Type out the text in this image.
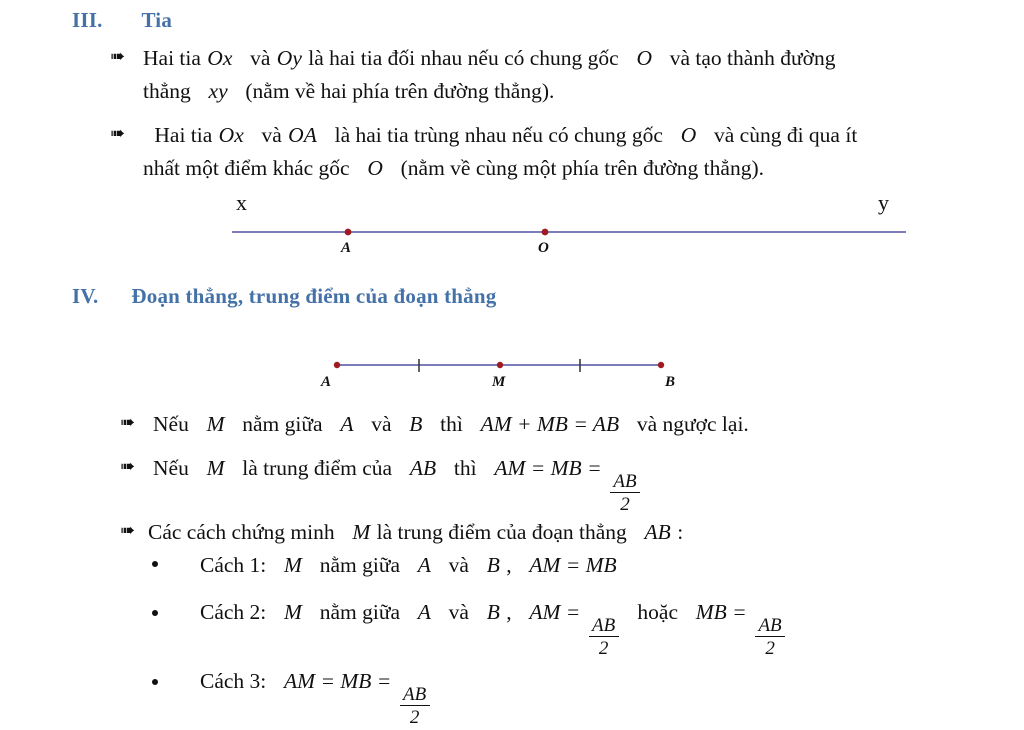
III. Tia
➠ Hai tia Ox và Oy là hai tia đối nhau nếu có chung gốc O và tạo thành đường
thẳng xy (nằm về hai phía trên đường thẳng).
➠	Hai tia Ox và OA là hai tia trùng nhau nếu có chung gốc O và cùng đi qua ít
nhất một điểm khác gốc O (nằm về cùng một phía trên đường thẳng).
x	y
A	O
IV. Đoạn thẳng, trung điểm của đoạn thẳng
A	M	B
➠ Nếu M nằm giữa A và B thì AM + MB = AB và ngược lại.
➠ Nếu M là trung điểm của AB thì AM = MB =
$\frac{AB}{2}$
➠ Các cách chứng minh M là trung điểm của đoạn thẳng AB :
Cách 1: M nằm giữa A và B , AM = MB
Cách 2: M nằm giữa A và B , AM =
$\frac{AB}{2}$
hoặc MB =
$\frac{AB}{2}$
Cách 3: AM = MB =
$\frac{AB}{2}$
